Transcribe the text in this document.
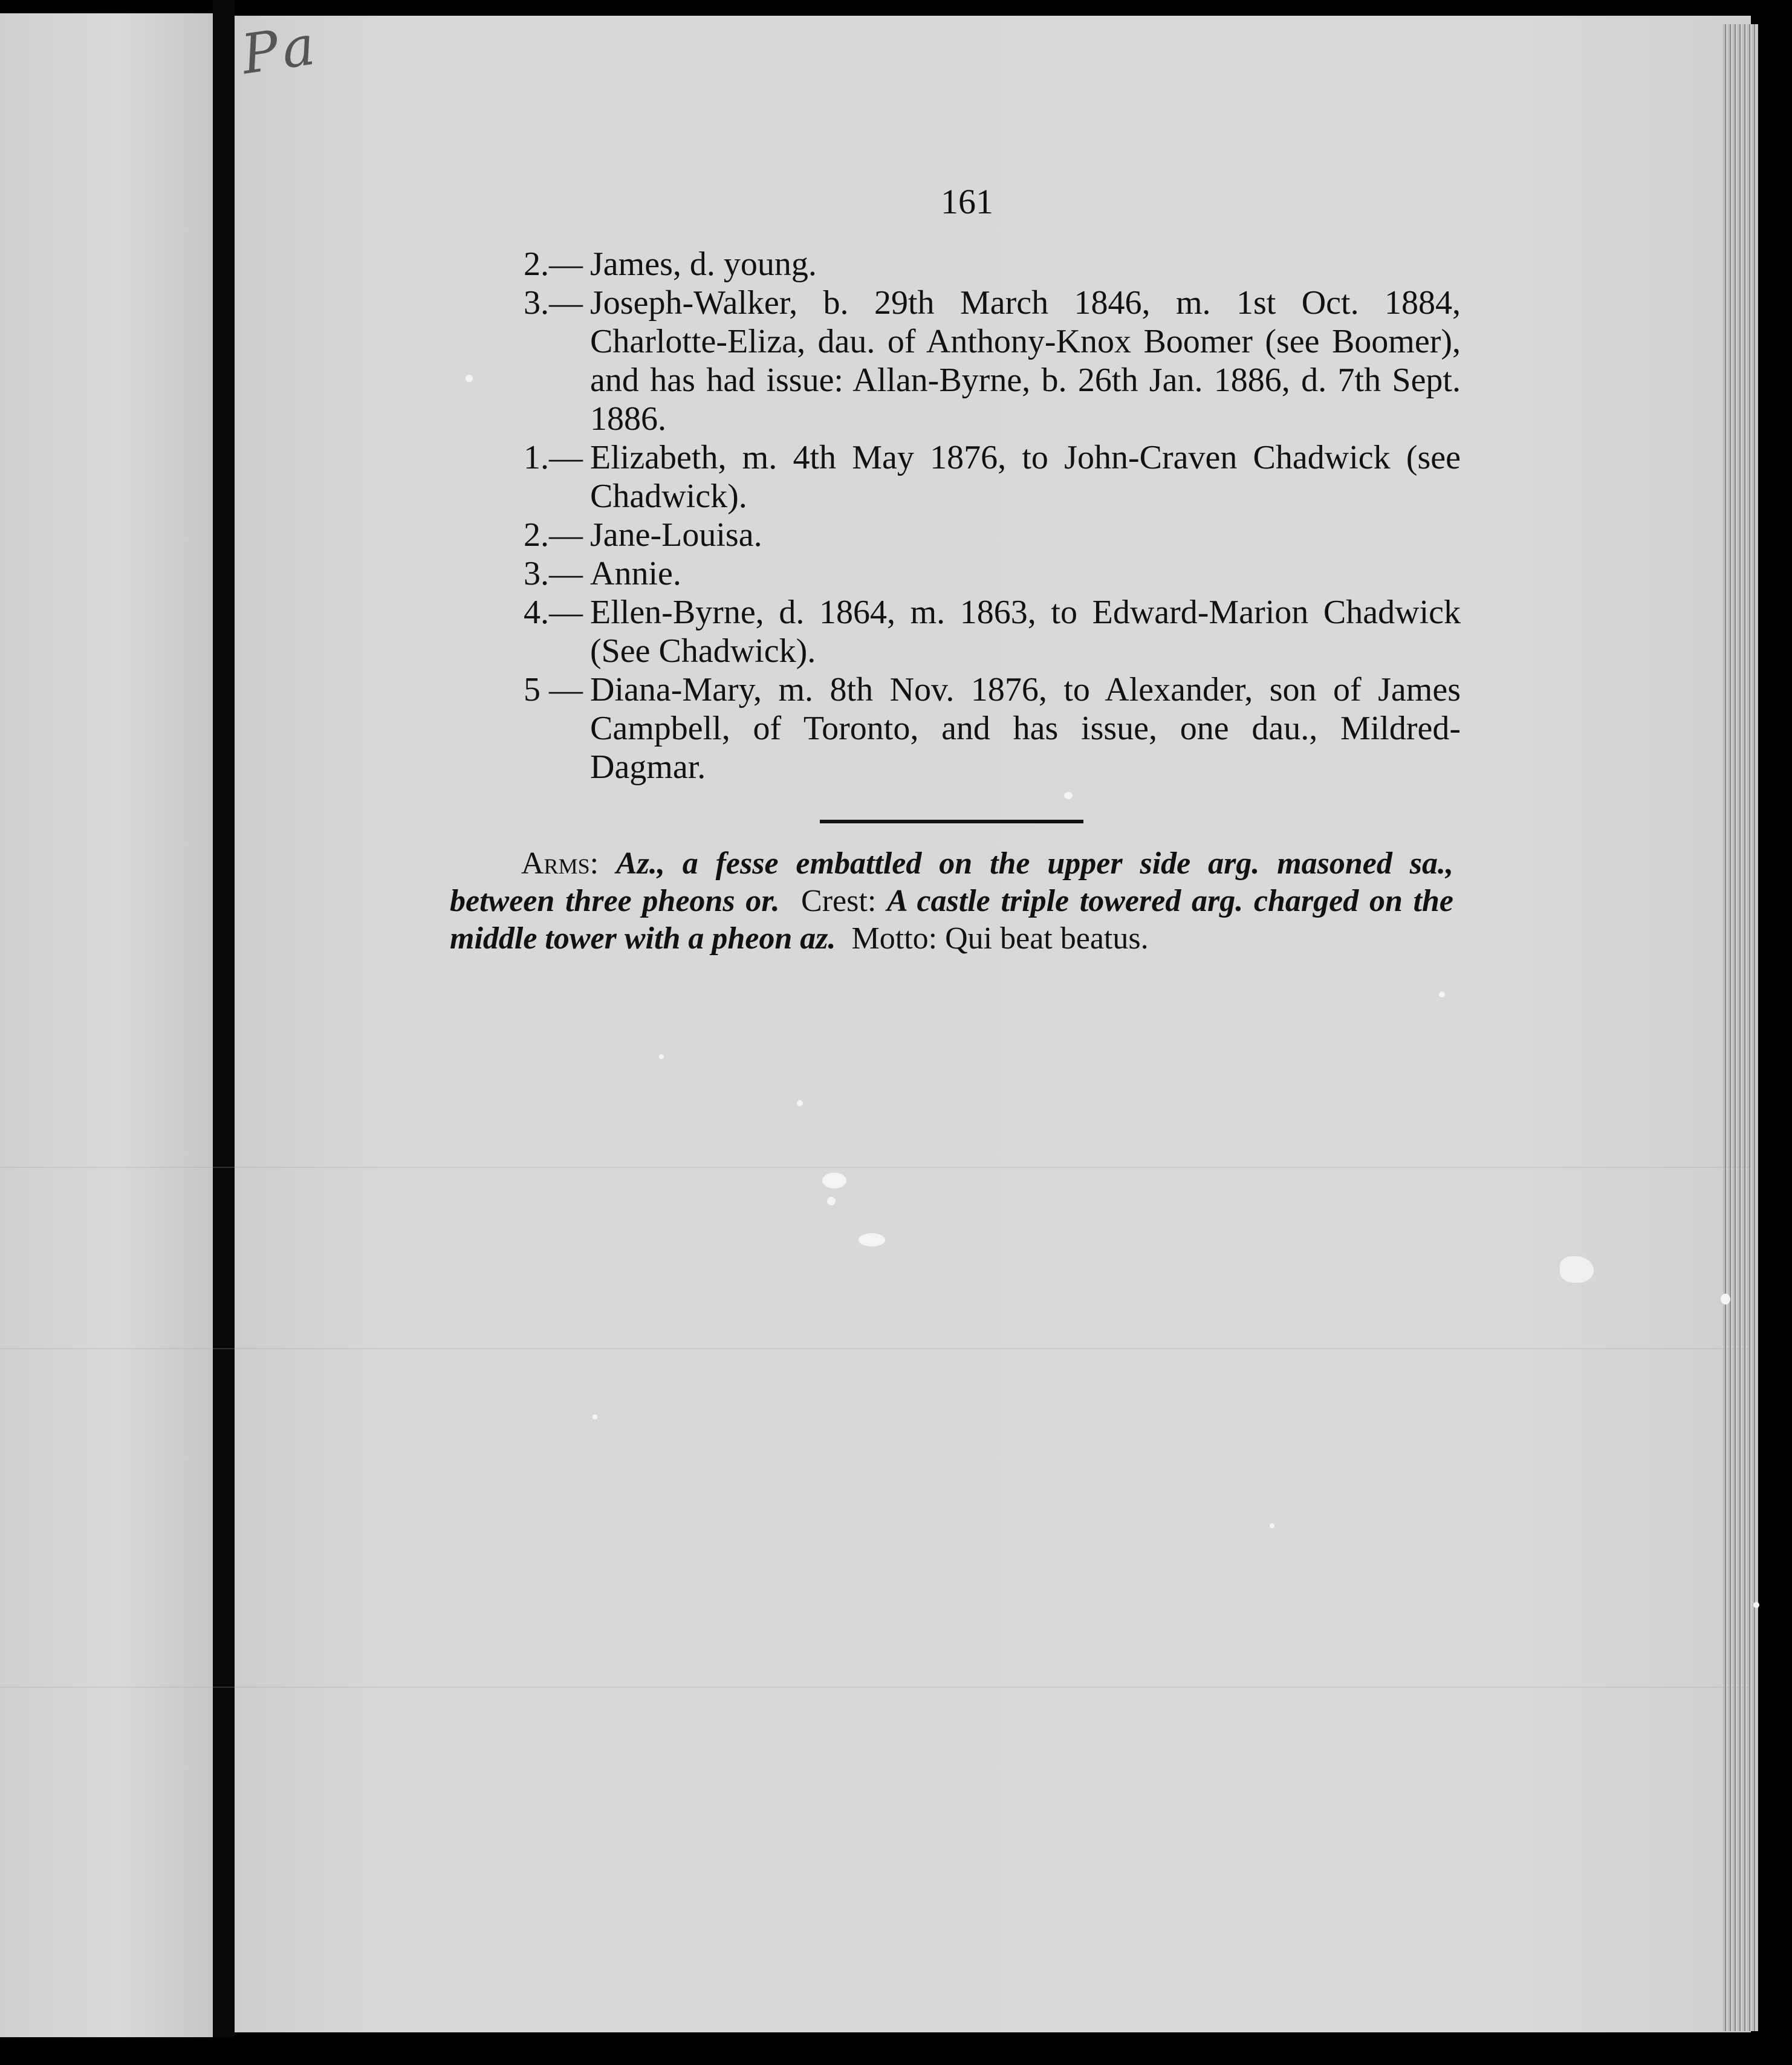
Pa
161
2.— James, d. young.
3.— Joseph-Walker, b. 29th March 1846, m. 1st Oct. 1884, Charlotte-Eliza, dau. of Anthony-Knox Boomer (see Boomer), and has had issue: Allan-Byrne, b. 26th Jan. 1886, d. 7th Sept. 1886.
1.— Elizabeth, m. 4th May 1876, to John-Craven Chadwick (see Chadwick).
2.— Jane-Louisa.
3.— Annie.
4.— Ellen-Byrne, d. 1864, m. 1863, to Edward-Marion Chadwick (See Chadwick).
5 — Diana-Mary, m. 8th Nov. 1876, to Alexander, son of James Campbell, of Toronto, and has issue, one dau., Mildred-Dagmar.
Arms: Az., a fesse embattled on the upper side arg. masoned sa., between three pheons or. Crest: A castle triple towered arg. charged on the middle tower with a pheon az. Motto: Qui beat beatus.
